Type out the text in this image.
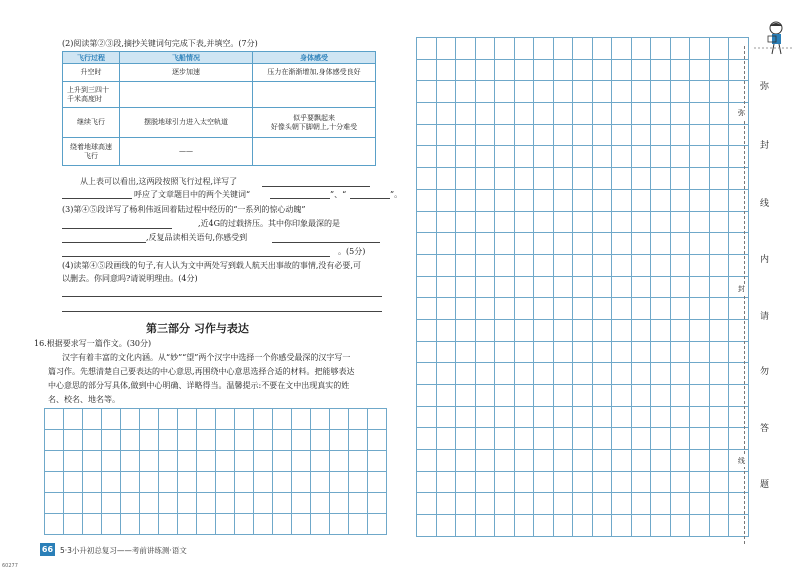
(2)阅读第②③段,摘抄关键词句完成下表,并填空。(7分)
飞行过程	飞船情况	身体感受
升空时	逐步加速	压力在渐渐增加,身体感受良好
上升到三四十千米高度时		
继续飞行	摆脱地球引力进入太空轨道	似乎要飘起来
好像头朝下脚朝上,十分难受
绕着地球高速飞行	——	
从上表可以看出,这两段按照飞行过程,详写了
呼应了文章题目中的两个关键词“	”、“	”。
(3)第④⑤段详写了杨利伟返回着陆过程中经历的“一系列的惊心动魄”
,近4G的过载挤压。其中你印象最深的是
,反复品读相关语句,你感受到
。(5分)
(4)读第④⑤段画线的句子,有人认为文中两处写到载人航天出事故的事情,没有必要,可
以删去。你同意吗?请说明理由。(4分)
第三部分 习作与表达
16.根据要求写一篇作文。(30分)
汉字有着丰富的文化内涵。从“妙”“望”两个汉字中选择一个你感受最深的汉字写一
篇习作。先想清楚自己要表达的中心意思,再围绕中心意思选择合适的材料。把能够表达
中心意思的部分写具体,做到中心明确、详略得当。温馨提示:不要在文中出现真实的姓
名、校名、地名等。
66 5·3小升初总复习——考前讲练测·语文
60277
弥
封
线
弥
封
线
内
请
勿
答
题
